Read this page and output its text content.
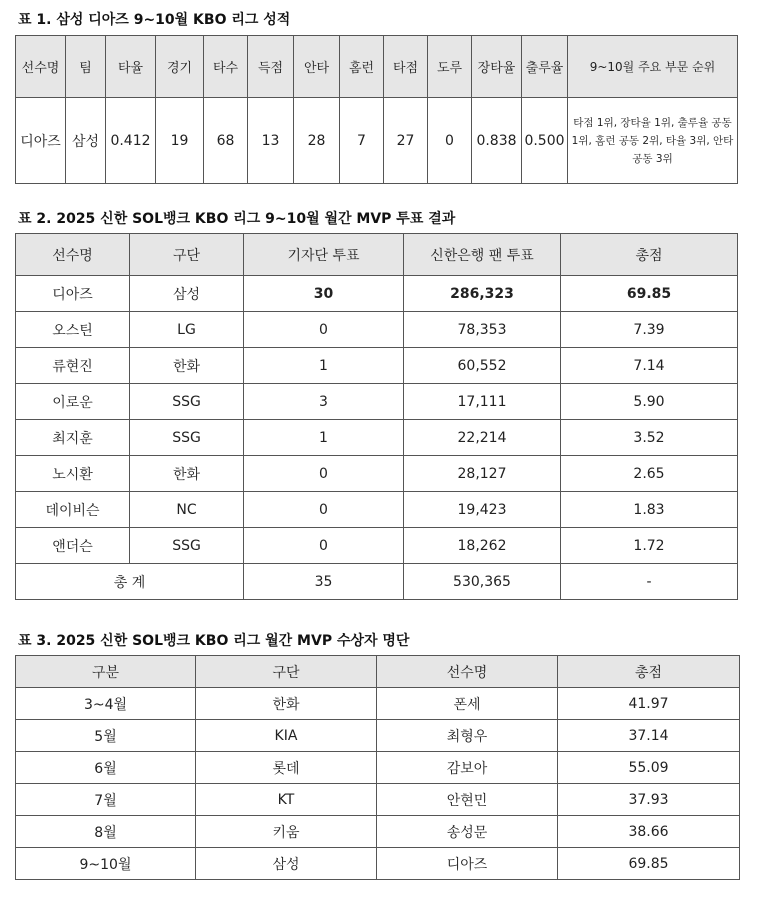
표 1. 삼성 디아즈 9~10월 KBO 리그 성적
선수명	팀	타율	경기	타수	득점	안타	홈런	타점	도루	장타율	출루율	9~10월 주요 부문 순위
디아즈	삼성	0.412	19	68	13	28	7	27	0	0.838	0.500	타점 1위, 장타율 1위, 출루율 공동 1위, 홈런 공동 2위, 타율 3위, 안타 공동 3위
표 2. 2025 신한 SOL뱅크 KBO 리그 9~10월 월간 MVP 투표 결과
선수명	구단	기자단 투표	신한은행 팬 투표	총점
디아즈	삼성	30	286,323	69.85
오스틴	LG	0	78,353	7.39
류현진	한화	1	60,552	7.14
이로운	SSG	3	17,111	5.90
최지훈	SSG	1	22,214	3.52
노시환	한화	0	28,127	2.65
데이비슨	NC	0	19,423	1.83
앤더슨	SSG	0	18,262	1.72
총 계		35	530,365	-
표 3. 2025 신한 SOL뱅크 KBO 리그 월간 MVP 수상자 명단
구분	구단	선수명	총점
3~4월	한화	폰세	41.97
5월	KIA	최형우	37.14
6월	롯데	감보아	55.09
7월	KT	안현민	37.93
8월	키움	송성문	38.66
9~10월	삼성	디아즈	69.85
